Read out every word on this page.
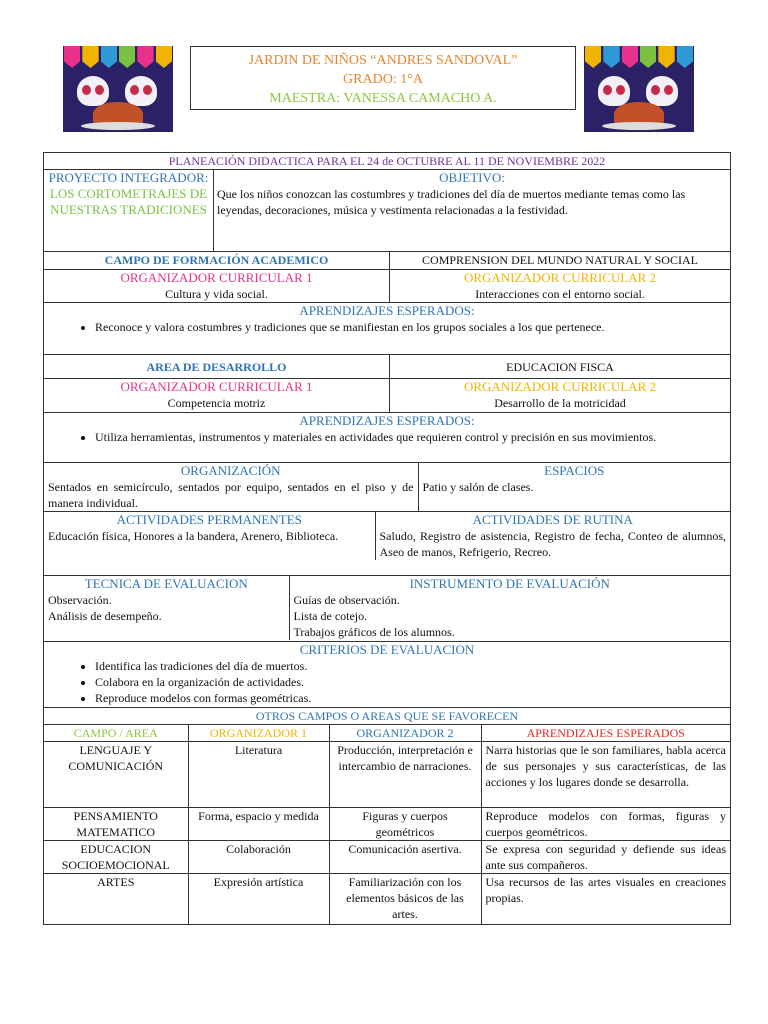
JARDIN DE NIÑOS “ANDRES SANDOVAL”
GRADO: 1°A
MAESTRA: VANESSA CAMACHO A.
PLANEACIÓN DIDACTICA PARA EL 24 de OCTUBRE AL 11 DE NOVIEMBRE 2022

PROYECTO INTEGRADOR:
LOS CORTOMETRAJES DE NUESTRAS TRADICIONES

OBJETIVO:
Que los niños conozcan las costumbres y tradiciones del día de muertos mediante temas como las leyendas, decoraciones, música y vestimenta relacionadas a la festividad.

CAMPO DE FORMACIÓN ACADEMICO	COMPRENSION DEL MUNDO NATURAL Y SOCIAL

ORGANIZADOR CURRICULAR 1
Cultura y vida social.

ORGANIZADOR CURRICULAR 2
Interacciones con el entorno social.

APRENDIZAJES ESPERADOS:
• Reconoce y valora costumbres y tradiciones que se manifiestan en los grupos sociales a los que pertenece.

AREA DE DESARROLLO	EDUCACION FISCA

ORGANIZADOR CURRICULAR 1
Competencia motriz

ORGANIZADOR CURRICULAR 2
Desarrollo de la motricidad

APRENDIZAJES ESPERADOS:
• Utiliza herramientas, instrumentos y materiales en actividades que requieren control y precisión en sus movimientos.

ORGANIZACIÓN
Sentados en semicírculo, sentados por equipo, sentados en el piso y de manera individual.

ESPACIOS
Patio y salón de clases.

ACTIVIDADES PERMANENTES
Educación física, Honores a la bandera, Arenero, Biblioteca.

ACTIVIDADES DE RUTINA
Saludo, Registro de asistencia, Registro de fecha, Conteo de alumnos, Aseo de manos, Refrigerio, Recreo.

TECNICA DE EVALUACION
Observación.
Análisis de desempeño.

INSTRUMENTO DE EVALUACIÓN
Guías de observación.
Lista de cotejo.
Trabajos gráficos de los alumnos.

CRITERIOS DE EVALUACION
• Identifica las tradiciones del día de muertos.
• Colabora en la organización de actividades.
• Reproduce modelos con formas geométricas.

OTROS CAMPOS O AREAS QUE SE FAVORECEN

CAMPO / AREA	ORGANIZADOR 1	ORGANIZADOR 2	APRENDIZAJES ESPERADOS
LENGUAJE Y COMUNICACIÓN	Literatura	Producción, interpretación e intercambio de narraciones.	Narra historias que le son familiares, habla acerca de sus personajes y sus características, de las acciones y los lugares donde se desarrolla.
PENSAMIENTO MATEMATICO	Forma, espacio y medida	Figuras y cuerpos geométricos	Reproduce modelos con formas, figuras y cuerpos geométricos.
EDUCACION SOCIOEMOCIONAL	Colaboración	Comunicación asertiva.	Se expresa con seguridad y defiende sus ideas ante sus compañeros.
ARTES	Expresión artística	Familiarización con los elementos básicos de las artes.	Usa recursos de las artes visuales en creaciones propias.
